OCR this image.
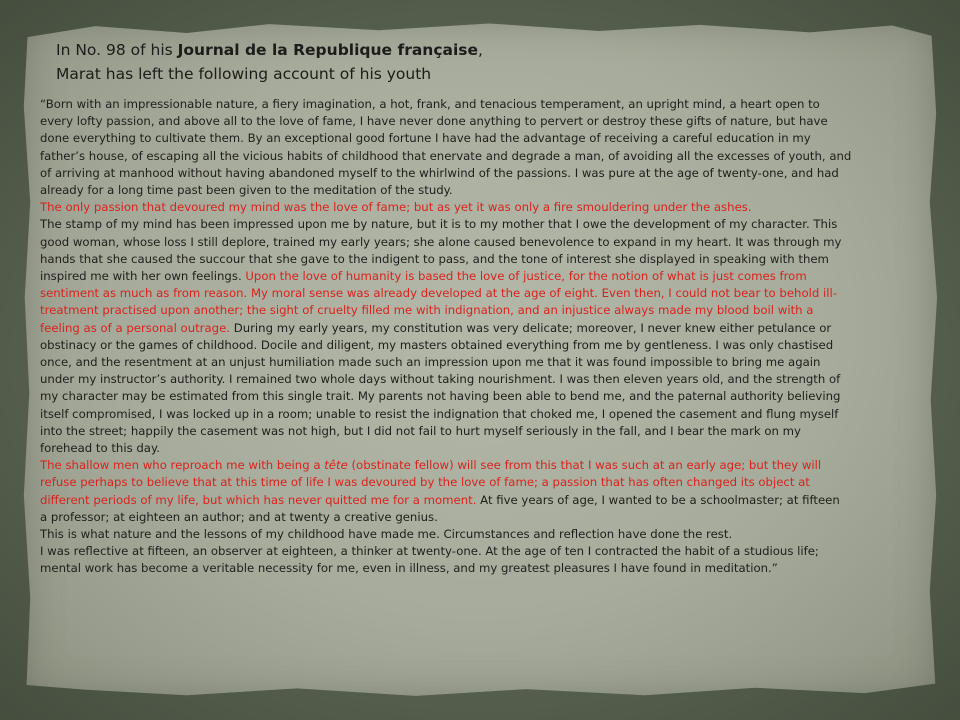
In No. 98 of his Journal de la Republique française,
Marat has left the following account of his youth
“Born with an impressionable nature, a fiery imagination, a hot, frank, and tenacious temperament, an upright mind, a heart open to
every lofty passion, and above all to the love of fame, I have never done anything to pervert or destroy these gifts of nature, but have
done everything to cultivate them. By an exceptional good fortune I have had the advantage of receiving a careful education in my
father’s house, of escaping all the vicious habits of childhood that enervate and degrade a man, of avoiding all the excesses of youth, and
of arriving at manhood without having abandoned myself to the whirlwind of the passions. I was pure at the age of twenty-one, and had
already for a long time past been given to the meditation of the study.
The only passion that devoured my mind was the love of fame; but as yet it was only a fire smouldering under the ashes.
The stamp of my mind has been impressed upon me by nature, but it is to my mother that I owe the development of my character. This
good woman, whose loss I still deplore, trained my early years; she alone caused benevolence to expand in my heart. It was through my
hands that she caused the succour that she gave to the indigent to pass, and the tone of interest she displayed in speaking with them
inspired me with her own feelings. Upon the love of humanity is based the love of justice, for the notion of what is just comes from
sentiment as much as from reason. My moral sense was already developed at the age of eight. Even then, I could not bear to behold ill-
treatment practised upon another; the sight of cruelty filled me with indignation, and an injustice always made my blood boil with a
feeling as of a personal outrage. During my early years, my constitution was very delicate; moreover, I never knew either petulance or
obstinacy or the games of childhood. Docile and diligent, my masters obtained everything from me by gentleness. I was only chastised
once, and the resentment at an unjust humiliation made such an impression upon me that it was found impossible to bring me again
under my instructor’s authority. I remained two whole days without taking nourishment. I was then eleven years old, and the strength of
my character may be estimated from this single trait. My parents not having been able to bend me, and the paternal authority believing
itself compromised, I was locked up in a room; unable to resist the indignation that choked me, I opened the casement and flung myself
into the street; happily the casement was not high, but I did not fail to hurt myself seriously in the fall, and I bear the mark on my
forehead to this day.
The shallow men who reproach me with being a tête (obstinate fellow) will see from this that I was such at an early age; but they will
refuse perhaps to believe that at this time of life I was devoured by the love of fame; a passion that has often changed its object at
different periods of my life, but which has never quitted me for a moment. At five years of age, I wanted to be a schoolmaster; at fifteen
a professor; at eighteen an author; and at twenty a creative genius.
This is what nature and the lessons of my childhood have made me. Circumstances and reflection have done the rest.
I was reflective at fifteen, an observer at eighteen, a thinker at twenty-one. At the age of ten I contracted the habit of a studious life;
mental work has become a veritable necessity for me, even in illness, and my greatest pleasures I have found in meditation.”
